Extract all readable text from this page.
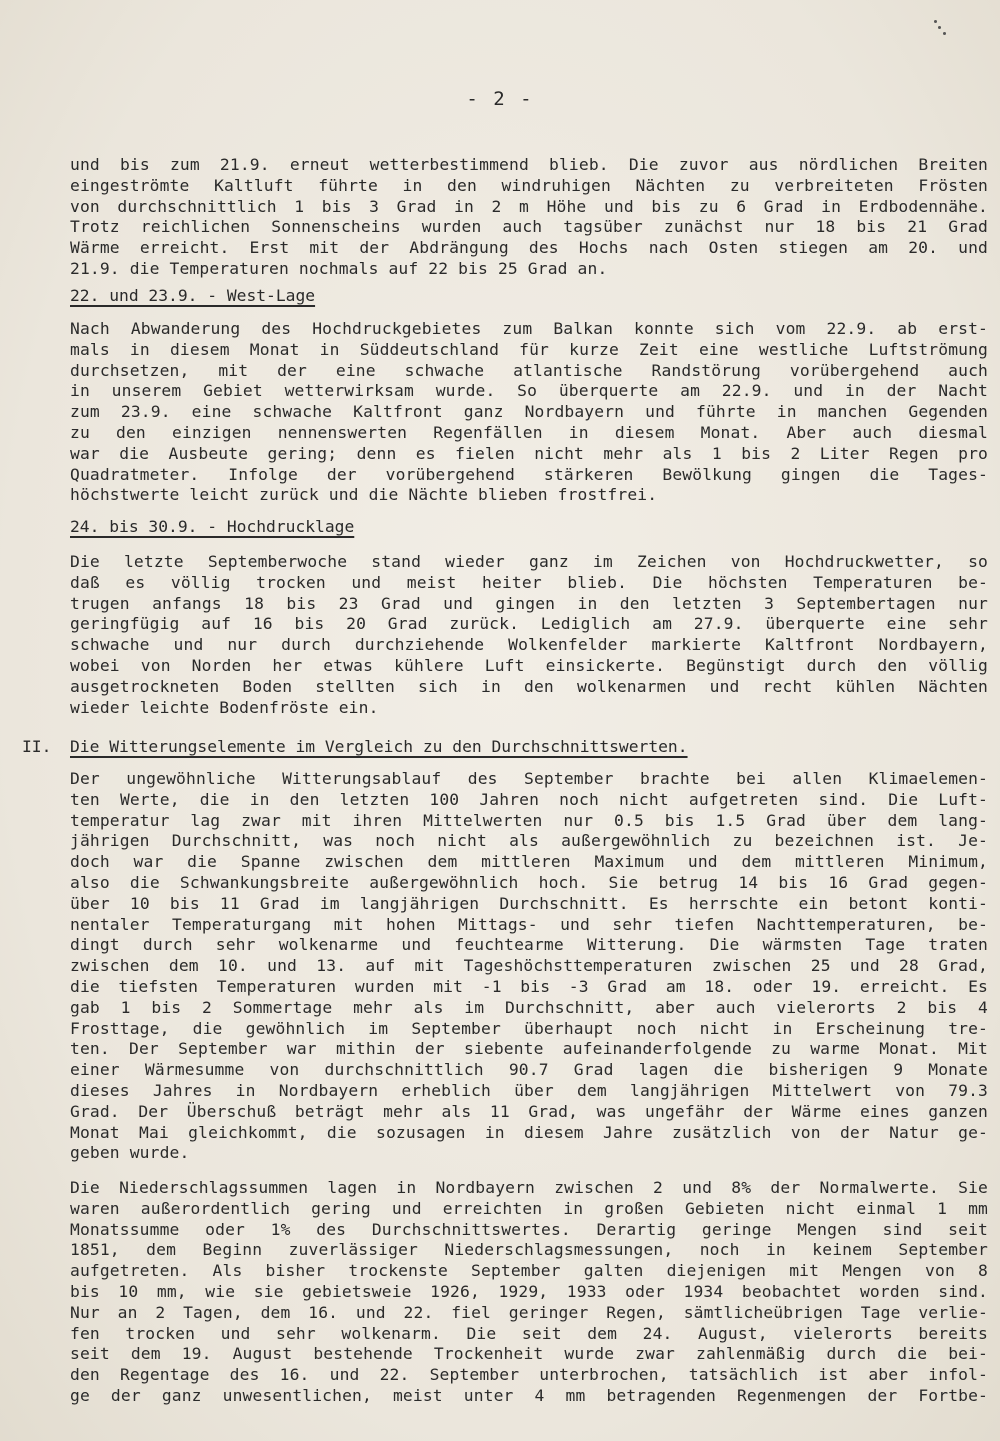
- 2 -
und bis zum 21.9. erneut wetterbestimmend blieb. Die zuvor aus nördlichen Breiten
eingeströmte Kaltluft führte in den windruhigen Nächten zu verbreiteten Frösten
von durchschnittlich 1 bis 3 Grad in 2 m Höhe und bis zu 6 Grad in Erdbodennähe.
Trotz reichlichen Sonnenscheins wurden auch tagsüber zunächst nur 18 bis 21 Grad
Wärme erreicht. Erst mit der Abdrängung des Hochs nach Osten stiegen am 20. und
21.9. die Temperaturen nochmals auf 22 bis 25 Grad an.
22. und 23.9. - West-Lage
Nach Abwanderung des Hochdruckgebietes zum Balkan konnte sich vom 22.9. ab erst-
mals in diesem Monat in Süddeutschland für kurze Zeit eine westliche Luftströmung
durchsetzen, mit der eine schwache atlantische Randstörung vorübergehend auch
in unserem Gebiet wetterwirksam wurde. So überquerte am 22.9. und in der Nacht
zum 23.9. eine schwache Kaltfront ganz Nordbayern und führte in manchen Gegenden
zu den einzigen nennenswerten Regenfällen in diesem Monat. Aber auch diesmal
war die Ausbeute gering; denn es fielen nicht mehr als 1 bis 2 Liter Regen pro
Quadratmeter. Infolge der vorübergehend stärkeren Bewölkung gingen die Tages-
höchstwerte leicht zurück und die Nächte blieben frostfrei.
24. bis 30.9. - Hochdrucklage
Die letzte Septemberwoche stand wieder ganz im Zeichen von Hochdruckwetter, so
daß es völlig trocken und meist heiter blieb. Die höchsten Temperaturen be-
trugen anfangs 18 bis 23 Grad und gingen in den letzten 3 Septembertagen nur
geringfügig auf 16 bis 20 Grad zurück. Lediglich am 27.9. überquerte eine sehr
schwache und nur durch durchziehende Wolkenfelder markierte Kaltfront Nordbayern,
wobei von Norden her etwas kühlere Luft einsickerte. Begünstigt durch den völlig
ausgetrockneten Boden stellten sich in den wolkenarmen und recht kühlen Nächten
wieder leichte Bodenfröste ein.
II. Die Witterungselemente im Vergleich zu den Durchschnittswerten.
Der ungewöhnliche Witterungsablauf des September brachte bei allen Klimaelemen-
ten Werte, die in den letzten 100 Jahren noch nicht aufgetreten sind. Die Luft-
temperatur lag zwar mit ihren Mittelwerten nur 0.5 bis 1.5 Grad über dem lang-
jährigen Durchschnitt, was noch nicht als außergewöhnlich zu bezeichnen ist. Je-
doch war die Spanne zwischen dem mittleren Maximum und dem mittleren Minimum,
also die Schwankungsbreite außergewöhnlich hoch. Sie betrug 14 bis 16 Grad gegen-
über 10 bis 11 Grad im langjährigen Durchschnitt. Es herrschte ein betont konti-
nentaler Temperaturgang mit hohen Mittags- und sehr tiefen Nachttemperaturen, be-
dingt durch sehr wolkenarme und feuchtearme Witterung. Die wärmsten Tage traten
zwischen dem 10. und 13. auf mit Tageshöchsttemperaturen zwischen 25 und 28 Grad,
die tiefsten Temperaturen wurden mit -1 bis -3 Grad am 18. oder 19. erreicht. Es
gab 1 bis 2 Sommertage mehr als im Durchschnitt, aber auch vielerorts 2 bis 4
Frosttage, die gewöhnlich im September überhaupt noch nicht in Erscheinung tre-
ten. Der September war mithin der siebente aufeinanderfolgende zu warme Monat. Mit
einer Wärmesumme von durchschnittlich 90.7 Grad lagen die bisherigen 9 Monate
dieses Jahres in Nordbayern erheblich über dem langjährigen Mittelwert von 79.3
Grad. Der Überschuß beträgt mehr als 11 Grad, was ungefähr der Wärme eines ganzen
Monat Mai gleichkommt, die sozusagen in diesem Jahre zusätzlich von der Natur ge-
geben wurde.
Die Niederschlagssummen lagen in Nordbayern zwischen 2 und 8% der Normalwerte. Sie
waren außerordentlich gering und erreichten in großen Gebieten nicht einmal 1 mm
Monatssumme oder 1% des Durchschnittswertes. Derartig geringe Mengen sind seit
1851, dem Beginn zuverlässiger Niederschlagsmessungen, noch in keinem September
aufgetreten. Als bisher trockenste September galten diejenigen mit Mengen von 8
bis 10 mm, wie sie gebietsweie 1926, 1929, 1933 oder 1934 beobachtet worden sind.
Nur an 2 Tagen, dem 16. und 22. fiel geringer Regen, sämtlicheübrigen Tage verlie-
fen trocken und sehr wolkenarm. Die seit dem 24. August, vielerorts bereits
seit dem 19. August bestehende Trockenheit wurde zwar zahlenmäßig durch die bei-
den Regentage des 16. und 22. September unterbrochen, tatsächlich ist aber infol-
ge der ganz unwesentlichen, meist unter 4 mm betragenden Regenmengen der Fortbe-
